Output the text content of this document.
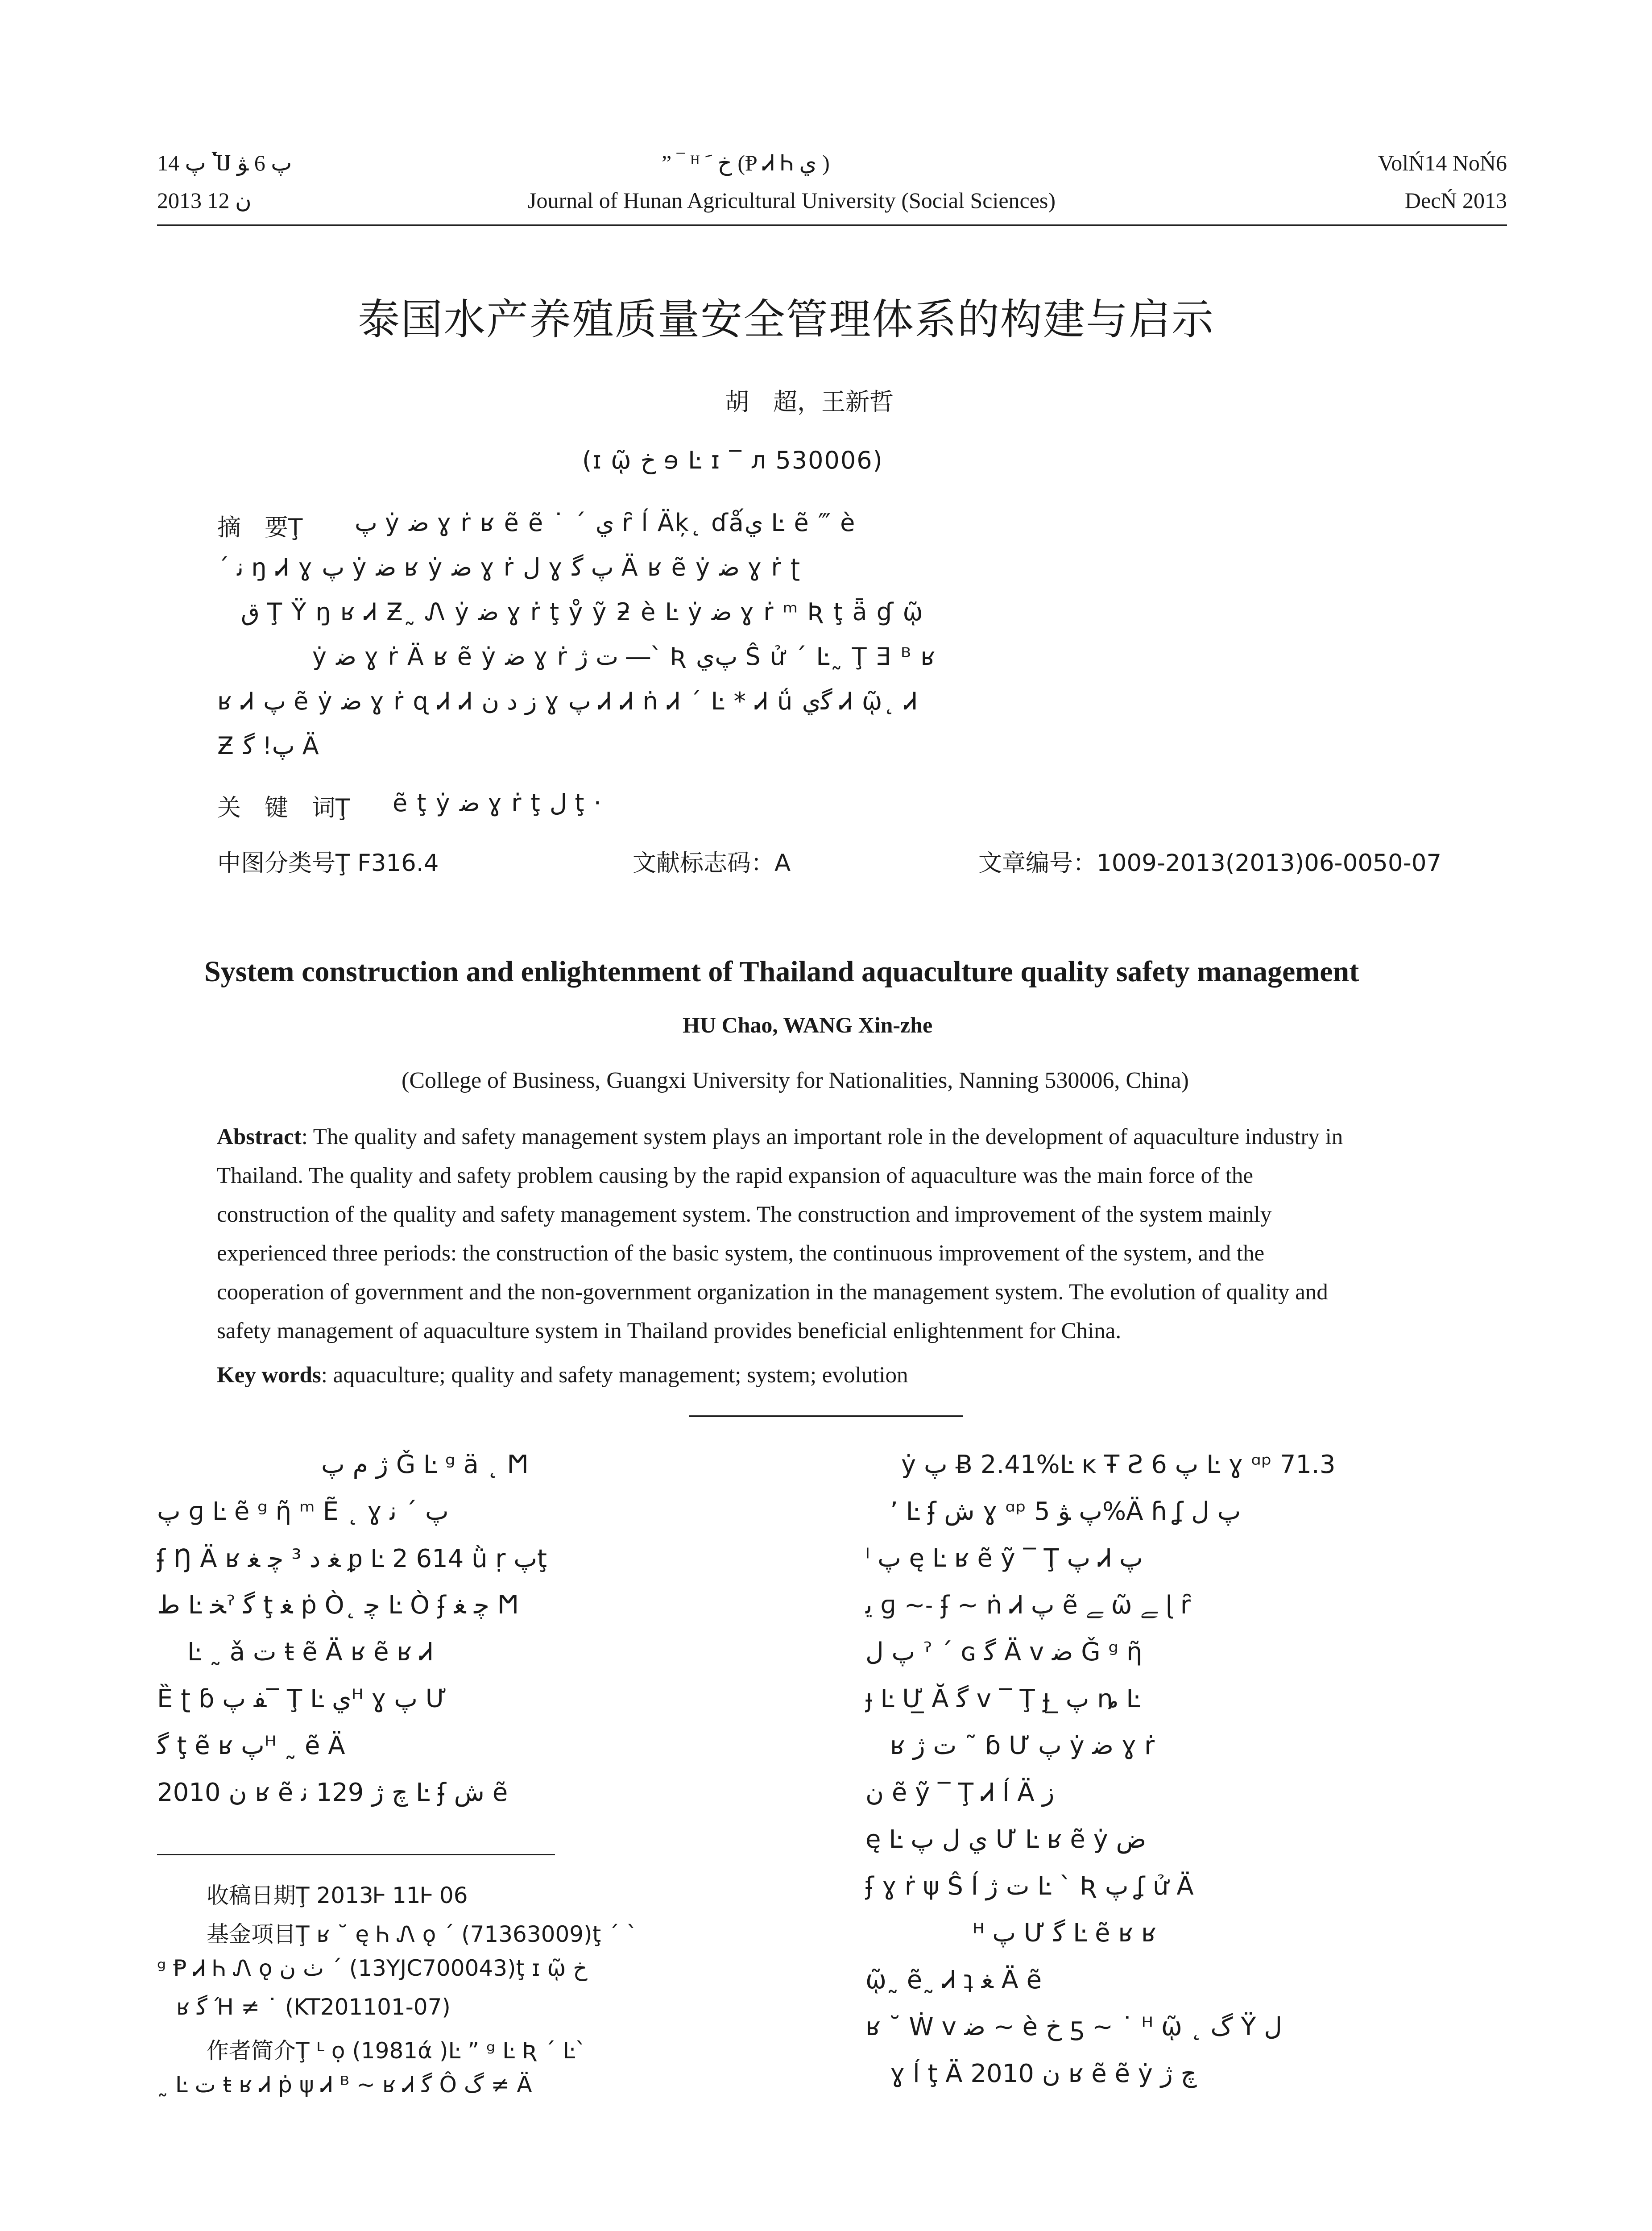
ﭖ 14 Ⴎ ﭖ 6 ﯟ
2013 ﻥ 12
” ‾ ᴴ ﺥ ﹶ (Ᵽ Ꮧ Ꮒ ﻱ )
Journal of Hunan Agricultural University (Social Sciences)
VolŃ14 NoŃ6
DecŃ 2013
泰国水产养殖质量安全管理体系的构建与启示
胡　超，王新哲
(ɪ ῷ ﺥ ɘ Ŀ ɪ ‾ л 530006)
摘　要Ţ ﭖ ẏ ﺿ ɣ ṙ ʁ ẽ ẽ ˙ ˊ ﻱ ȓ ĺ Äķ˛ ɗǻﻱ Ŀ ẽ ‴ è
ˊ ﻧ ŋ Ꮧ ɣ ﭖ ẏ ﺿ ʁ ẏ ﺿ ɣ ṙ ﻝ ɣ ﭖ ﮔ Ä ʁ ẽ ẏ ﺿ ɣ ṙ ʈ
ﻕ Ţ Ÿ ŋ ʁ Ꮧ Ƶ˷ Ꮑ ẏ ﺿ ɣ ṙ ţ ẙ ỹ ƻ è Ŀ ẏ ﺿ ɣ ṙ ᵐ Ʀ ţ ǟ ɠ ῷ
ẏ ﺿ ɣ ṙ Ä ʁ ẽ ẏ ﺿ ɣ ṙ ﺕ ﮊ ―ˋ Ʀ ﭖﻱ Ŝ ử ˊ Ŀ˷ Ţ Ǝ ᴮ ʁ
ʁ Ꮧ ﭖ ẽ ẏ ﺿ ɣ ṙ ɋ Ꮧ Ꮧ ﺯ ﺩ ﻥ ɣ ﭖ Ꮧ Ꮧ ṅ Ꮧ ˊ Ŀ * Ꮧ ǘ ﮔﻱ Ꮧ ῷ˛ Ꮧ
Ƶ ﭖ! ﮔ Ä
关　键　词Ţ ẽ ţ ẏ ﺿ ɣ ṙ ţ ﻝ ţ ·
中图分类号Ţ F316.4	文献标志码：A	文章编号：1009-2013(2013)06-0050-07
System construction and enlightenment of Thailand aquaculture quality safety management
HU Chao, WANG Xin-zhe
(College of Business, Guangxi University for Nationalities, Nanning 530006, China)
Abstract : The quality and safety management system plays an important role in the development of aquaculture industry in
Thailand. The quality and safety problem causing by the rapid expansion of aquaculture was the main force of the
construction of the quality and safety management system. The construction and improvement of the system mainly
experienced three periods: the construction of the basic system, the continuous improvement of the system, and the
cooperation of government and the non-government organization in the management system. The evolution of quality and
safety management of aquaculture system in Thailand provides beneficial enlightenment for China.
Key words: aquaculture; quality and safety management; system; evolution
ﮊ ﻡ ﭖ Ǧ Ŀ ᵍ ä ˛ Ϻ
ﭖ ɡ Ŀ ẽ ᵍ ῆ ᵐ Ẽ ˛ ɣ ﭖ ˊ ﻧ
ʄ Ŋ Ä ʁ ﻐ ﺩ ³ ﭼ ﻐ ᵱ Ŀ 2 614 ǜ ṛ ﭖţ
ﻁ Ŀ ﺨˀ ﮔ ţ ﻐ ṗ Ò˛ ﭼ Ŀ Ò ʄ ﭼ ﻐ Ϻ
Ŀ ˷ ǎ ﺕ ŧ ẽ Ä ʁ ẽ ʁ Ꮧ
Ȅ ʈ ɓ ﻔ ﭖ‾ Ţ Ŀ ﻱᴴ ɣ ﭖ Ư
ﮔ ţ ẽ ʁ ﭖᴴ ˷ ẽ Ä
2010 ﻥ ʁ ẽ ﭺ ﮊ 129 ﻧ Ŀ ʄ ﺵ ẽ
收稿日期Ţ 2013Ꮀ 11Ꮀ 06
基金项目Ţ ʁ ˘ ę Ꮒ Ꮑ ǫ ˊ (71363009)ţ ˊ ˋ
ᵍ Ᵽ Ꮧ Ꮒ Ꮑ ǫ ﭞ ﻥ ˊ (13YJC700043)ţ ɪ ῷ ﺥ
ʁ ﮔ Ή ≠ ˙ (KT201101-07)
作者简介Ţ ᴸ ọ (1981ά )Ŀ ” ᵍ Ŀ Ʀ ˊ Ŀˋ
˷ Ŀ ﺕ ŧ ʁ Ꮧ ṗ ψ Ꮧ ᴮ ~ ʁ Ꮧ ﮔ Ô ﮒ ≠ Ä
ẏ ﭖ Ƀ 2.41%Ŀ ĸ Ŧ Ƨ ﭖ 6 Ŀ ɣ ᵅᵖ 71.3
’ Ŀ ʄ ﺵ ɣ ᵅᵖ ﭖ ﯟ 5%Ä ɦ ʆ ﭖ ﻝ
ˡ ﭖ ę Ŀ ʁ ẽ ỹ ‾ Ţ ﭖ Ꮧ ﭖ
ﻳ ɡ ~˗ ʄ ~ ṅ Ꮧ ﭖ ẽ ﮯ ῶ ﮯ ɭ ȓ
ﭖ ﻝ ˀ ˊ ɢ ﮔ Ä ᴠ ﺿ Ǧ ᵍ ῆ
ɟ Ŀ Ư̲ Ă ﮔ ᴠ ‾ Ţ ɟ ̲ ﭖ ȵ Ŀ
ʁ ﺕ ﮊ ˜ ɓ Ư ﭖ ẏ ﺿ ɣ ṙ
ﻥ ẽ ỹ ‾ Ţ Ꮧ ĺ Ä ﺯ
ę Ŀ ﻱ ﻝ ﭖ Ư Ŀ ʁ ẽ ẏ ﺽ
ʄ ɣ ṙ ψ Ŝ ĺ ﺕ ﮊ Ŀ ˋ Ʀ ﭖ ʆ ử Ä
ᴴ ﭖ Ư ﮔ Ŀ ẽ ʁ ʁ
ῷ˷ ẽ˷ Ꮧ ʇ ﻐ Ä ẽ
ʁ ˘ Ẇ ᴠ ﺿ ~ è ﺥ ƽ ~ ˙ ᴴ ῷ ˛ ﮒ Ÿ ﻝ
ɣ ĺ ţ Ä 2010 ﻥ ʁ ẽ ẽ ẏ ﭺ ﮊ
